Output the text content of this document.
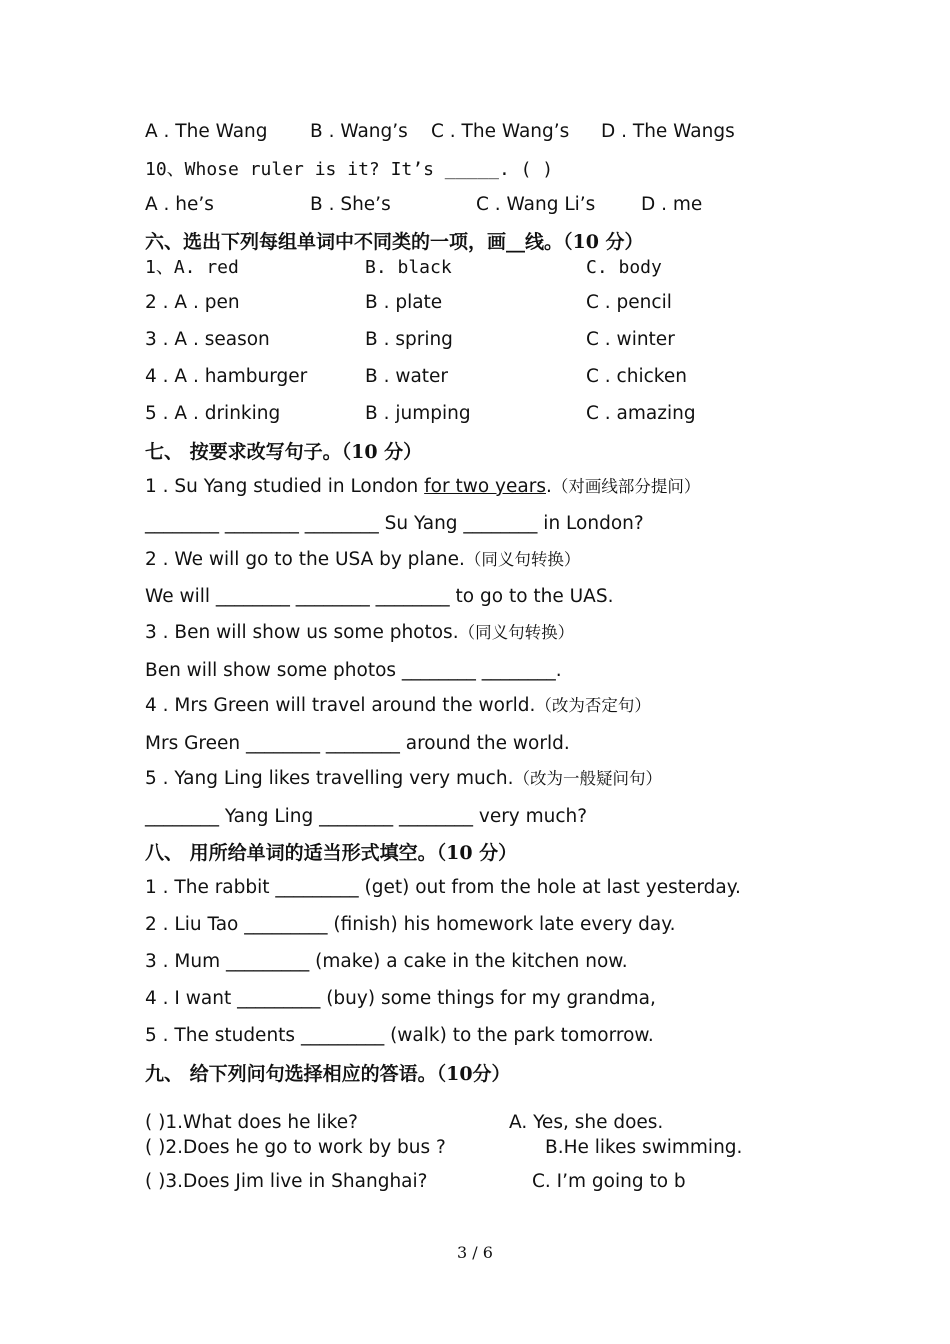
A . The Wang B . Wang’s C . The Wang’s D . The Wangs
10、Whose ruler is it? It’s _____. ( )
A . he’s	B . She’s	C . Wang Li’s D . me
六、选出下列每组单词中不同类的一项，画__线。（10 分）
1、A. red	B. black	C. body
2 . A . pen	B . plate	C . pencil
3 . A . season	B . spring	C . winter
4 . A . hamburger	B . water	C . chicken
5 . A . drinking	B . jumping	C . amazing
七、 按要求改写句子。（10 分）
1 . Su Yang studied in London for two years.（对画线部分提问）
________ ________ ________ Su Yang ________ in London?
2 . We will go to the USA by plane.（同义句转换）
We will ________ ________ ________ to go to the UAS.
3 . Ben will show us some photos.（同义句转换）
Ben will show some photos ________ ________.
4 . Mrs Green will travel around the world.（改为否定句）
Mrs Green ________ ________ around the world.
5 . Yang Ling likes travelling very much.（改为一般疑问句）
________ Yang Ling ________ ________ very much?
八、 用所给单词的适当形式填空。（10 分）
1 . The rabbit _________ (get) out from the hole at last yesterday.
2 . Liu Tao _________ (finish) his homework late every day.
3 . Mum _________ (make) a cake in the kitchen now.
4 . I want _________ (buy) some things for my grandma,
5 . The students _________ (walk) to the park tomorrow.
九、 给下列问句选择相应的答语。（10分）
( )1.What does he like?	A. Yes, she does.
( )2.Does he go to work by bus ?	B.He likes swimming.
( )3.Does Jim live in Shanghai?	C. I’m going to b
3 / 6
